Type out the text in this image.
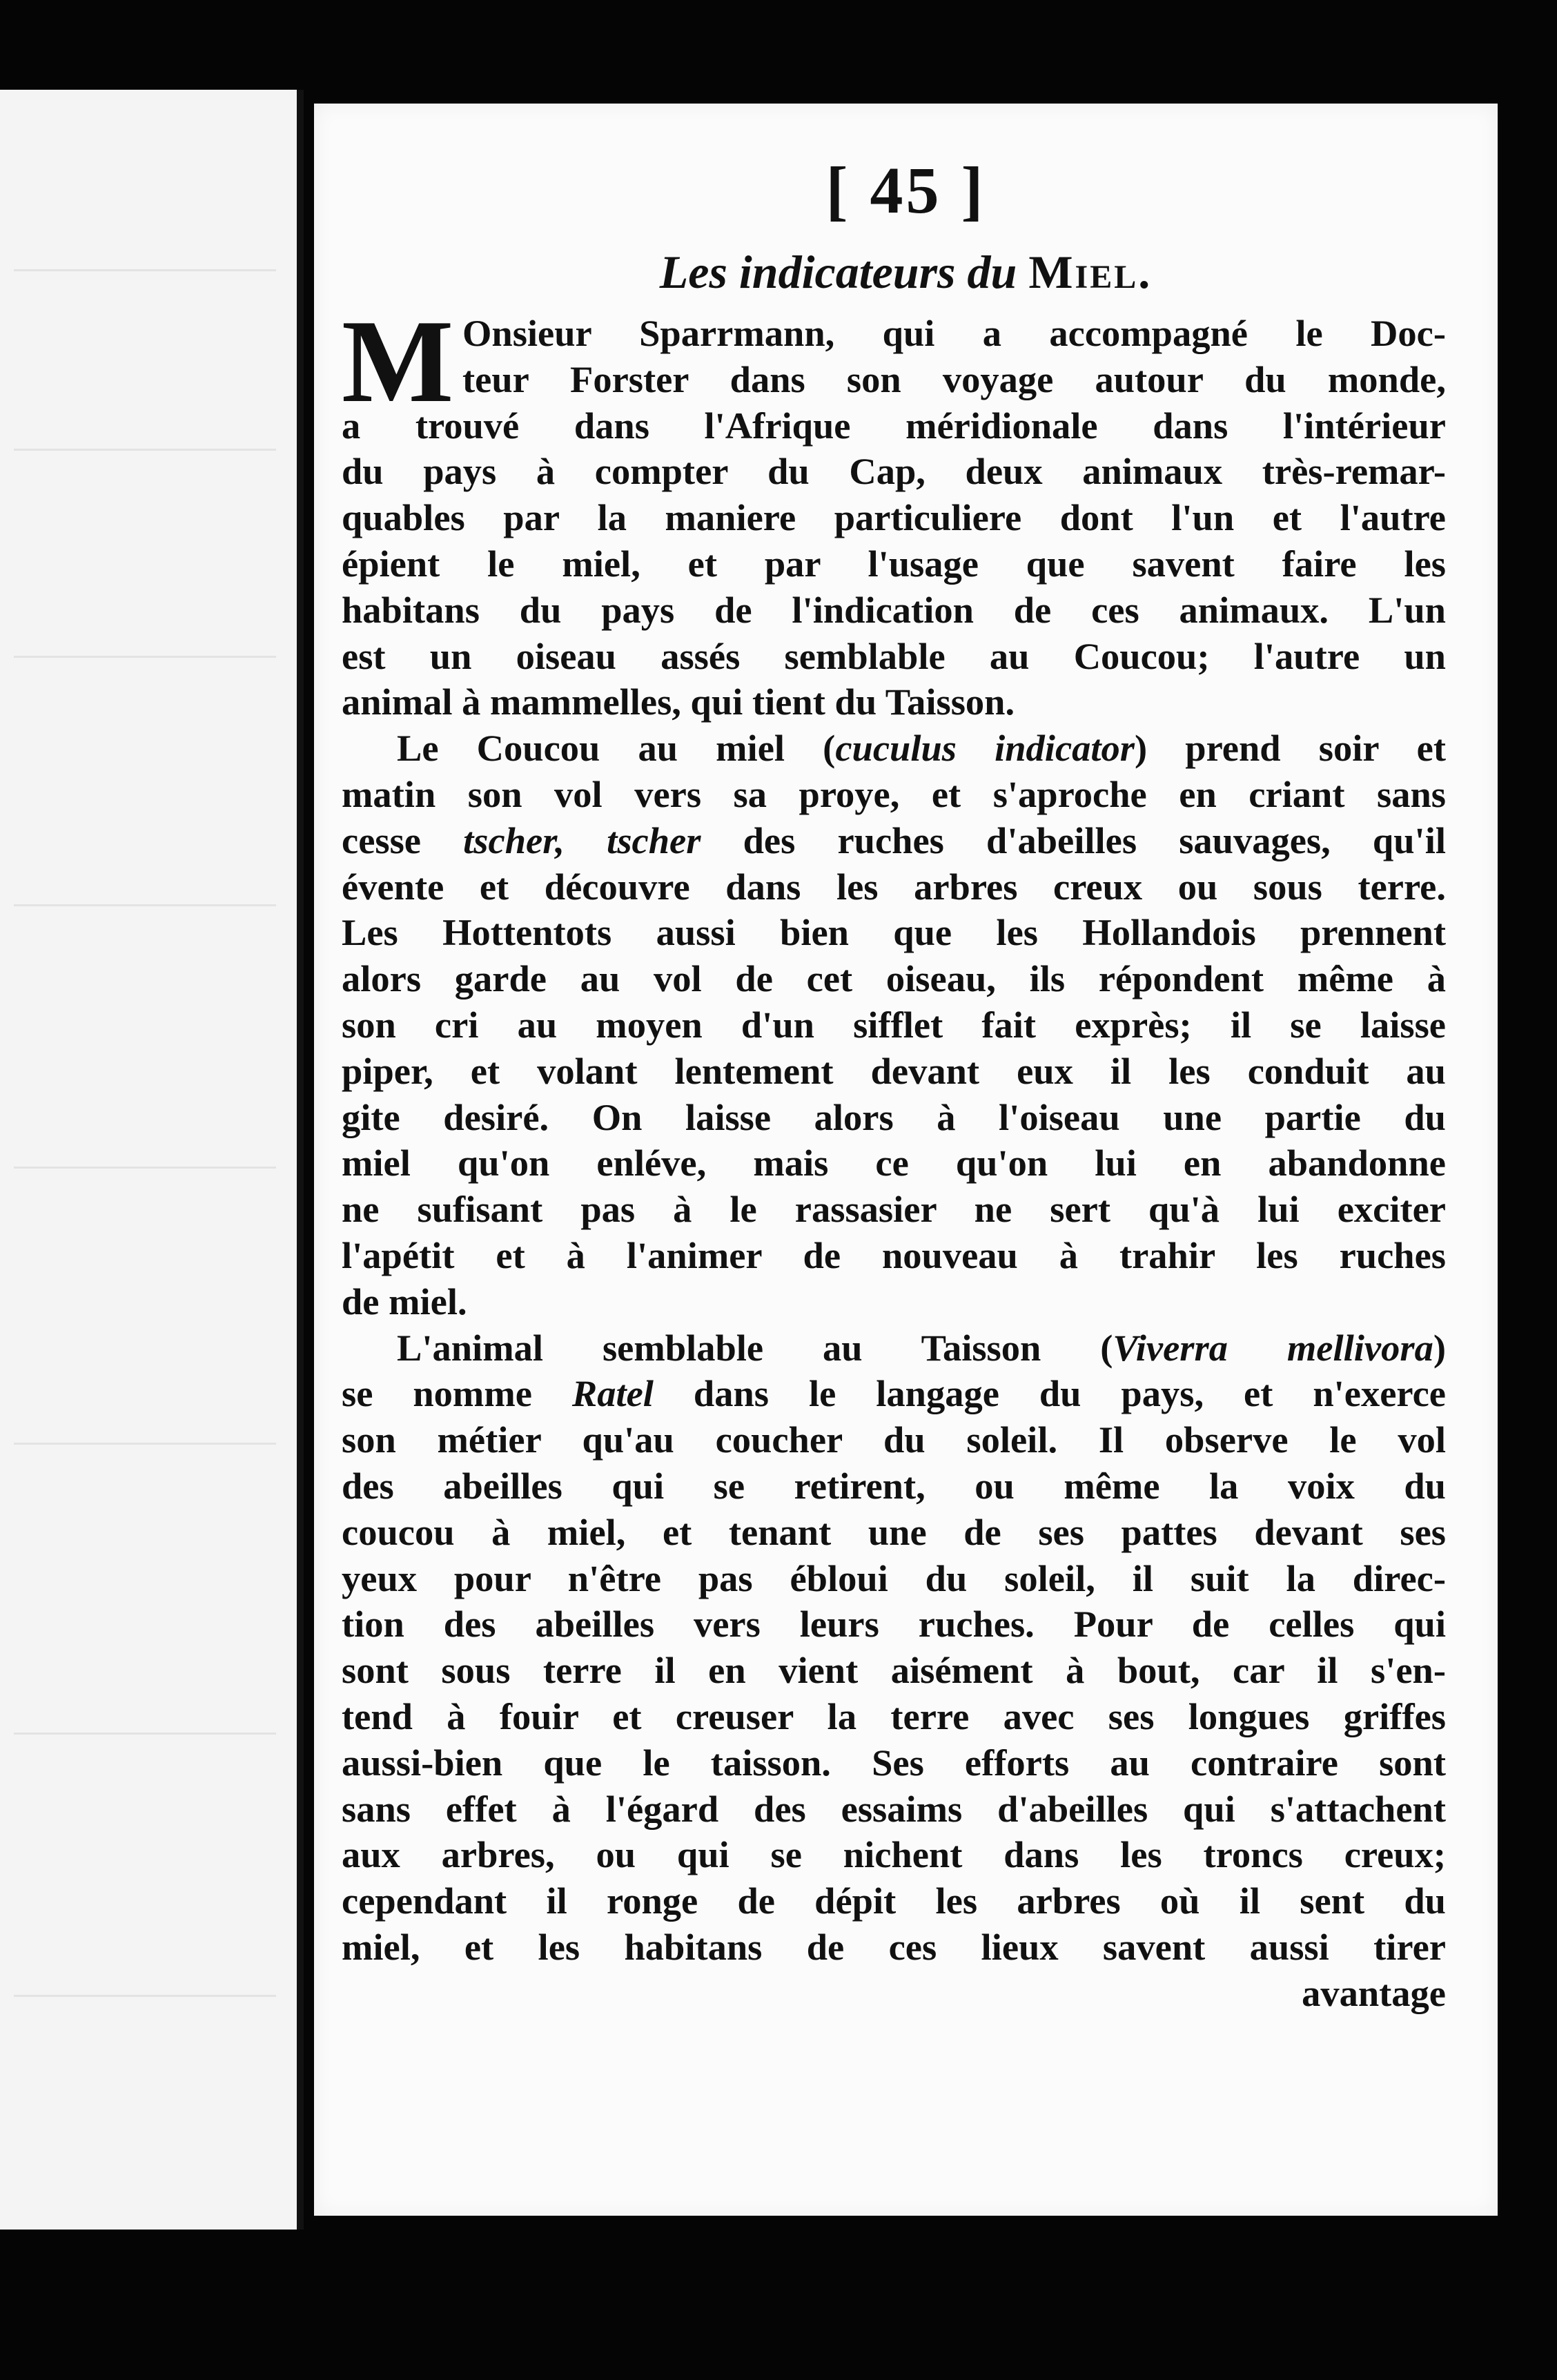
[ 45 ]
Les indicateurs du Miel.
M Onsieur Sparrmann, qui a accompagné le Doc-
teur Forster dans son voyage autour du monde,
a trouvé dans l'Afrique méridionale dans l'intérieur
du pays à compter du Cap, deux animaux très-remar-
quables par la maniere particuliere dont l'un et l'autre
épient le miel, et par l'usage que savent faire les
habitans du pays de l'indication de ces animaux. L'un
est un oiseau assés semblable au Coucou; l'autre un
animal à mammelles, qui tient du Taisson.
Le Coucou au miel (cuculus indicator) prend soir et
matin son vol vers sa proye, et s'aproche en criant sans
cesse tscher, tscher des ruches d'abeilles sauvages, qu'il
évente et découvre dans les arbres creux ou sous terre.
Les Hottentots aussi bien que les Hollandois prennent
alors garde au vol de cet oiseau, ils répondent même à
son cri au moyen d'un sifflet fait exprès; il se laisse
piper, et volant lentement devant eux il les conduit au
gite desiré. On laisse alors à l'oiseau une partie du
miel qu'on enléve, mais ce qu'on lui en abandonne
ne sufisant pas à le rassasier ne sert qu'à lui exciter
l'apétit et à l'animer de nouveau à trahir les ruches
de miel.
L'animal semblable au Taisson (Viverra mellivora)
se nomme Ratel dans le langage du pays, et n'exerce
son métier qu'au coucher du soleil. Il observe le vol
des abeilles qui se retirent, ou même la voix du
coucou à miel, et tenant une de ses pattes devant ses
yeux pour n'être pas ébloui du soleil, il suit la direc-
tion des abeilles vers leurs ruches. Pour de celles qui
sont sous terre il en vient aisément à bout, car il s'en-
tend à fouir et creuser la terre avec ses longues griffes
aussi-bien que le taisson. Ses efforts au contraire sont
sans effet à l'égard des essaims d'abeilles qui s'attachent
aux arbres, ou qui se nichent dans les troncs creux;
cependant il ronge de dépit les arbres où il sent du
miel, et les habitans de ces lieux savent aussi tirer
avantage
